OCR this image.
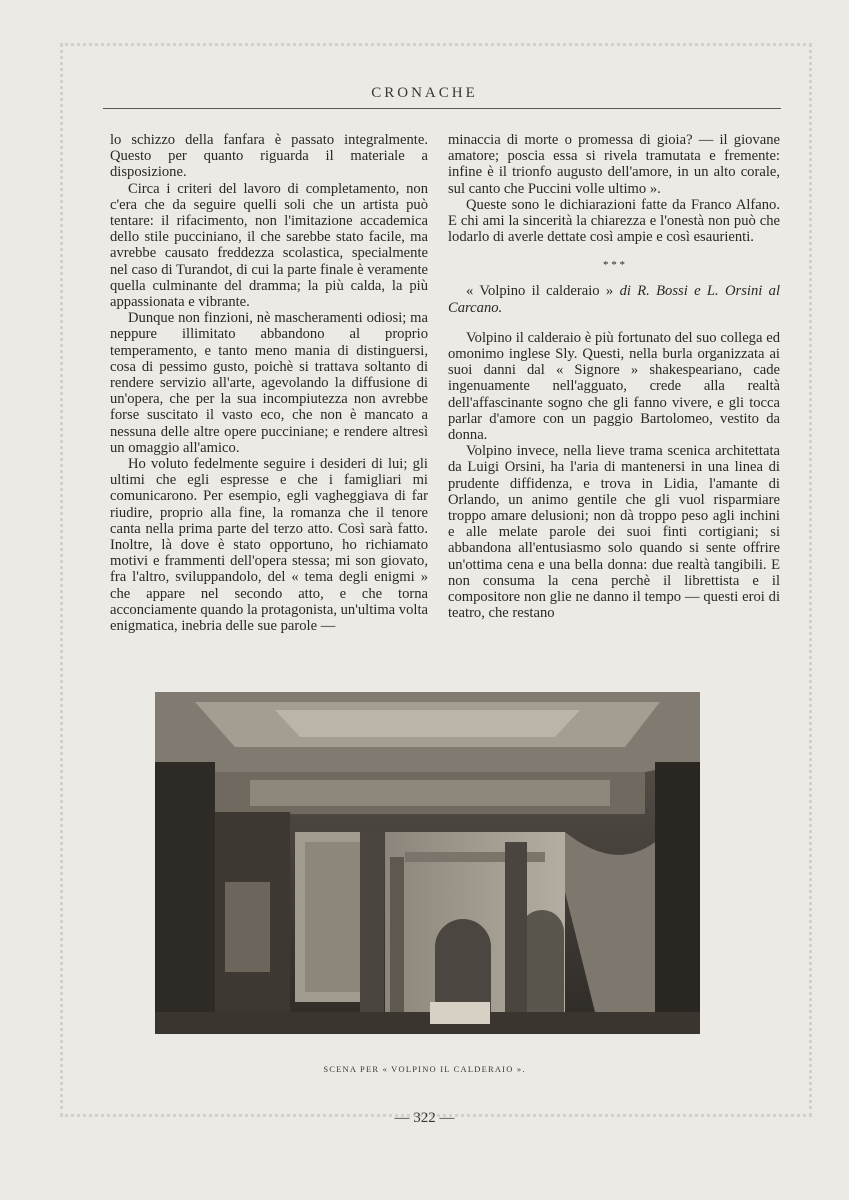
CRONACHE

lo schizzo della fanfara è passato integralmente. Questo per quanto riguarda il materiale a disposizione.

Circa i criteri del lavoro di completamento, non c'era che da seguire quelli soli che un artista può tentare: il rifacimento, non l'imitazione accademica dello stile pucciniano, il che sarebbe stato facile, ma avrebbe causato freddezza scolastica, specialmente nel caso di Turandot, di cui la parte finale è veramente quella culminante del dramma; la più calda, la più appassionata e vibrante.

Dunque non finzioni, nè mascheramenti odiosi; ma neppure illimitato abbandono al proprio temperamento, e tanto meno mania di distinguersi, cosa di pessimo gusto, poichè si trattava soltanto di rendere servizio all'arte, agevolando la diffusione di un'opera, che per la sua incompiutezza non avrebbe forse suscitato il vasto eco, che non è mancato a nessuna delle altre opere pucciniane; e rendere altresì un omaggio all'amico.

Ho voluto fedelmente seguire i desideri di lui; gli ultimi che egli espresse e che i famigliari mi comunicarono. Per esempio, egli vagheggiava di far riudire, proprio alla fine, la romanza che il tenore canta nella prima parte del terzo atto. Così sarà fatto. Inoltre, là dove è stato opportuno, ho richiamato motivi e frammenti dell'opera stessa; mi son giovato, fra l'altro, sviluppandolo, del « tema degli enigmi » che appare nel secondo atto, e che torna acconciamente quando la protagonista, un'ultima volta enigmatica, inebria delle sue parole —

minaccia di morte o promessa di gioia? — il giovane amatore; poscia essa si rivela tramutata e fremente: infine è il trionfo augusto dell'amore, in un alto corale, sul canto che Puccini volle ultimo ».

Queste sono le dichiarazioni fatte da Franco Alfano. E chi ami la sincerità la chiarezza e l'onestà non può che lodarlo di averle dettate così ampie e così esaurienti.

* * *

« Volpino il calderaio » di R. Bossi e L. Orsini al Carcano.

Volpino il calderaio è più fortunato del suo collega ed omonimo inglese Sly. Questi, nella burla organizzata ai suoi danni dal « Signore » shakespeariano, cade ingenuamente nell'agguato, crede alla realtà dell'affascinante sogno che gli fanno vivere, e gli tocca parlar d'amore con un paggio Bartolomeo, vestito da donna.

Volpino invece, nella lieve trama scenica architettata da Luigi Orsini, ha l'aria di mantenersi in una linea di prudente diffidenza, e trova in Lidia, l'amante di Orlando, un animo gentile che gli vuol risparmiare troppo amare delusioni; non dà troppo peso agli inchini e alle melate parole dei suoi finti cortigiani; si abbandona all'entusiasmo solo quando si sente offrire un'ottima cena e una bella donna: due realtà tangibili. E non consuma la cena perchè il librettista e il compositore non glie ne danno il tempo — questi eroi di teatro, che restano

SCENA PER « VOLPINO IL CALDERAIO ».
— 322 —
